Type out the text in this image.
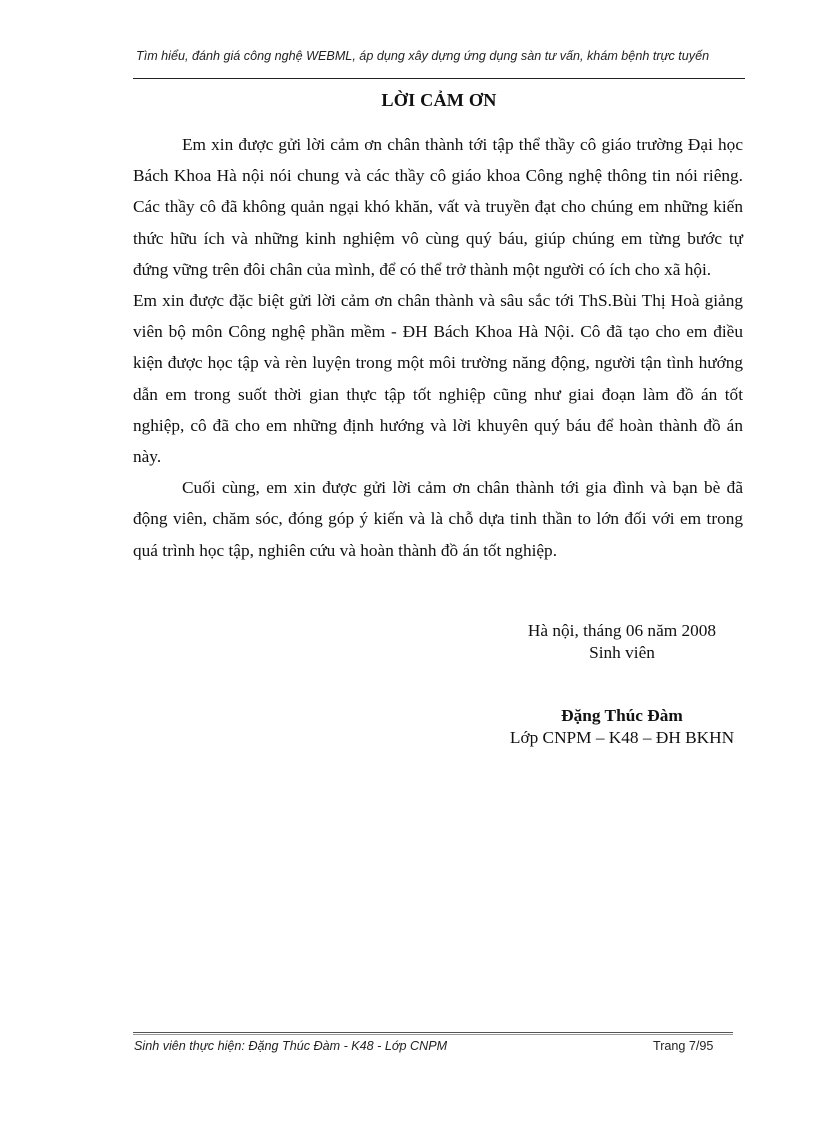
Tìm hiểu, đánh giá công nghệ WEBML, áp dụng xây dựng ứng dụng sàn tư vấn, khám bệnh trực tuyến
LỜI CẢM ƠN

Em xin được gửi lời cảm ơn chân thành tới tập thể thầy cô giáo trường Đại học Bách Khoa Hà nội nói chung và các thầy cô giáo khoa Công nghệ thông tin nói riêng. Các thầy cô đã không quản ngại khó khăn, vất và truyền đạt cho chúng em những kiến thức hữu ích và những kinh nghiệm vô cùng quý báu, giúp chúng em từng bước tự đứng vững trên đôi chân của mình, để có thể trở thành một người có ích cho xã hội.

Em xin được đặc biệt gửi lời cảm ơn chân thành và sâu sắc tới ThS.Bùi Thị Hoà giảng viên bộ môn Công nghệ phần mềm - ĐH Bách Khoa Hà Nội. Cô đã tạo cho em điều kiện được học tập và rèn luyện trong một môi trường năng động, người tận tình hướng dẫn em trong suốt thời gian thực tập tốt nghiệp cũng như giai đoạn làm đồ án tốt nghiệp, cô đã cho em những định hướng và lời khuyên quý báu để hoàn thành đồ án này.

Cuối cùng, em xin được gửi lời cảm ơn chân thành tới gia đình và bạn bè đã động viên, chăm sóc, đóng góp ý kiến và là chỗ dựa tinh thần to lớn đối với em trong quá trình học tập, nghiên cứu và hoàn thành đồ án tốt nghiệp.

Hà nội, tháng 06 năm 2008
Sinh viên
Đặng Thúc Đàm
Lớp CNPM – K48 – ĐH BKHN
Sinh viên thực hiện: Đặng Thúc Đàm - K48 - Lớp CNPM	Trang 7/95
